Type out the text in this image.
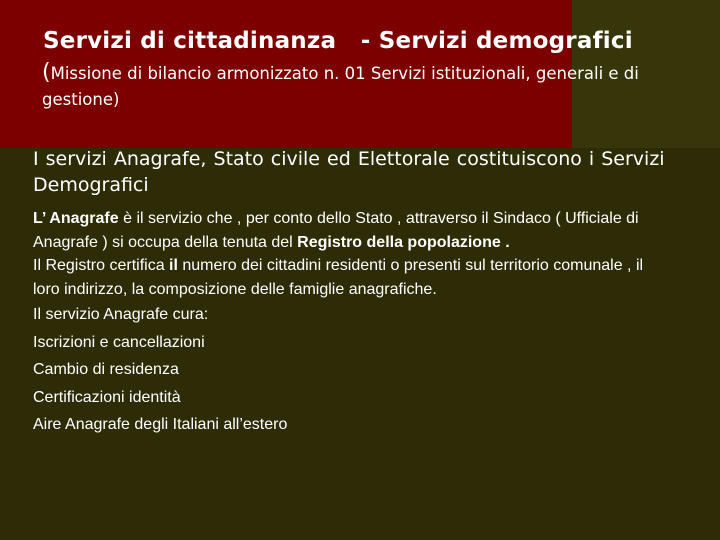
Servizi di cittadinanza   - Servizi demografici
(Missione di bilancio armonizzato n. 01 Servizi istituzionali, generali e di gestione)
I servizi Anagrafe, Stato civile ed Elettorale costituiscono i Servizi Demografici

L’ Anagrafe è il servizio che , per conto dello Stato , attraverso il Sindaco ( Ufficiale di Anagrafe ) si occupa della tenuta del Registro della popolazione .

Il Registro certifica il numero dei cittadini residenti o presenti sul territorio comunale , il loro indirizzo, la composizione delle famiglie anagrafiche.

Il servizio Anagrafe cura:
Iscrizioni e cancellazioni
Cambio di residenza
Certificazioni identità
Aire Anagrafe degli Italiani all’estero
